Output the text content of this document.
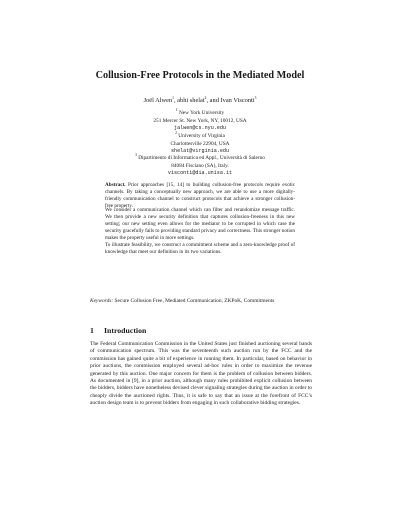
Collusion-Free Protocols in the Mediated Model
Joël Alwen$^1$, abhi shelat$^2$, and Ivan Visconti$^3$
$^1$ New York University
251 Mercer St. New York, NY, 10012, USA
jalwen@cs.nyu.edu
$^2$ University of Virginia
Charlottesville 22904, USA
shelat@virginia.edu
$^3$ Dipartimento di Informatica ed Appl., Università di Salerno
84084 Fisciano (SA), Italy.
visconti@dia.unisa.it
Abstract. Prior approaches [15, 14] to building collusion-free protocols require exotic channels. By taking a conceptually new approach, we are able to use a more digitally-friendly communication channel to construct protocols that achieve a stronger collusion-free property.
We consider a communication channel which can filter and rerandomize message traffic. We then provide a new security definition that captures collusion-freeness in this new setting; our new setting even allows for the mediator to be corrupted in which case the security gracefully fails to providing standard privacy and correctness. This stronger notion makes the property useful in more settings.
To illustrate feasibility, we construct a commitment scheme and a zero-knowledge proof of knowledge that meet our definition in its two variations.
Keywords: Secure Collusion Free, Mediated Communication, ZKPoK, Commitments
1 Introduction
The Federal Communication Commission in the United States just finished auctioning several bands of communication spectrum. This was the seventeenth such auction run by the FCC and the commission has gained quite a bit of experience in running them. In particular, based on behavior in prior auctions, the commission employed several ad-hoc rules in order to maximize the revenue generated by this auction. One major concern for them is the problem of collusion between bidders. As documented in [9], in a prior auction, although many rules prohibited explicit collusion between the bidders, bidders have nonetheless devised clever signaling strategies during the auction in order to cheaply divide the auctioned rights. Thus, it is safe to say that an issue at the forefront of FCC’s auction design team is to prevent bidders from engaging in such collaborative bidding strategies.
